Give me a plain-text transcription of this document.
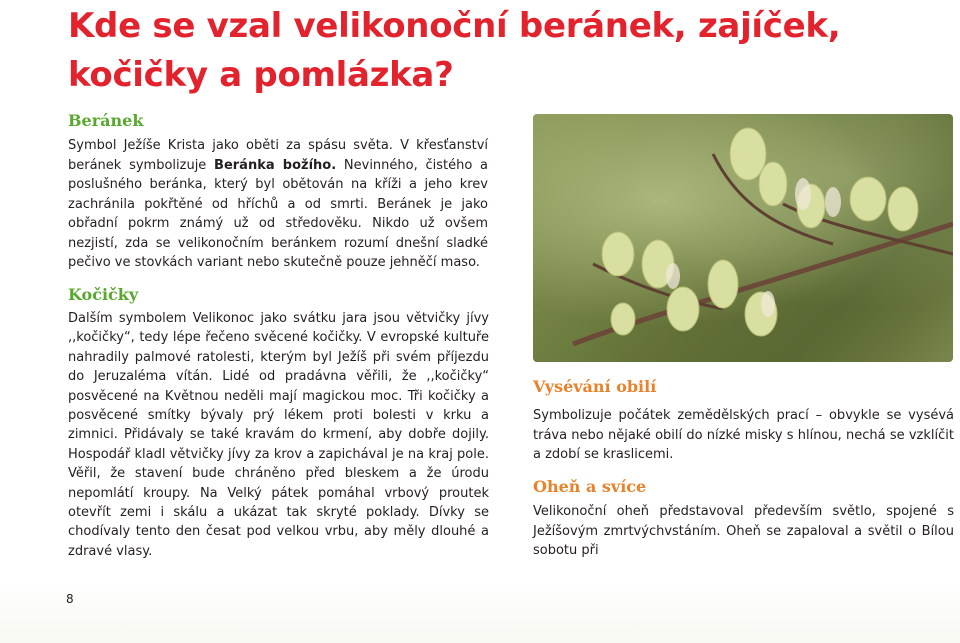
Kde se vzal velikonoční beránek, zajíček, kočičky a pomlázka?
Beránek

Symbol Ježíše Krista jako oběti za spásu světa. V křesťanství beránek symbolizuje Beránka božího. Nevinného, čistého a poslušného beránka, který byl obětován na kříži a jeho krev zachránila pokřtěné od hříchů a od smrti. Beránek je jako obřadní pokrm známý už od středověku. Nikdo už ovšem nezjistí, zda se velikonočním beránkem rozumí dnešní sladké pečivo ve stovkách variant nebo skutečně pouze jehněčí maso.

Kočičky

Dalším symbolem Velikonoc jako svátku jara jsou větvičky jívy ,,kočičky“, tedy lépe řečeno svěcené kočičky. V evropské kultuře nahradily palmové ratolesti, kterým byl Ježíš při svém příjezdu do Jeruzaléma vítán. Lidé od pradávna věřili, že ,,kočičky“ posvěcené na Květnou neděli mají magickou moc. Tři kočičky a posvěcené smítky bývaly prý lékem proti bolesti v krku a zimnici. Přidávaly se také kravám do krmení, aby dobře dojily. Hospodář kladl větvičky jívy za krov a zapichával je na kraj pole. Věřil, že stavení bude chráněno před bleskem a že úrodu nepomlátí kroupy. Na Velký pátek pomáhal vrbový proutek otevřít zemi i skálu a ukázat tak skryté poklady. Dívky se chodívaly tento den česat pod velkou vrbu, aby měly dlouhé a zdravé vlasy.

Vysévání obilí

Symbolizuje počátek zemědělských prací – obvykle se vysévá tráva nebo nějaké obilí do nízké misky s hlínou, nechá se vzklíčit a zdobí se kraslicemi.

Oheň a svíce

Velikonoční oheň představoval především světlo, spojené s Ježíšovým zmrtvýchvstáním. Oheň se zapaloval a světil o Bílou sobotu při

8
